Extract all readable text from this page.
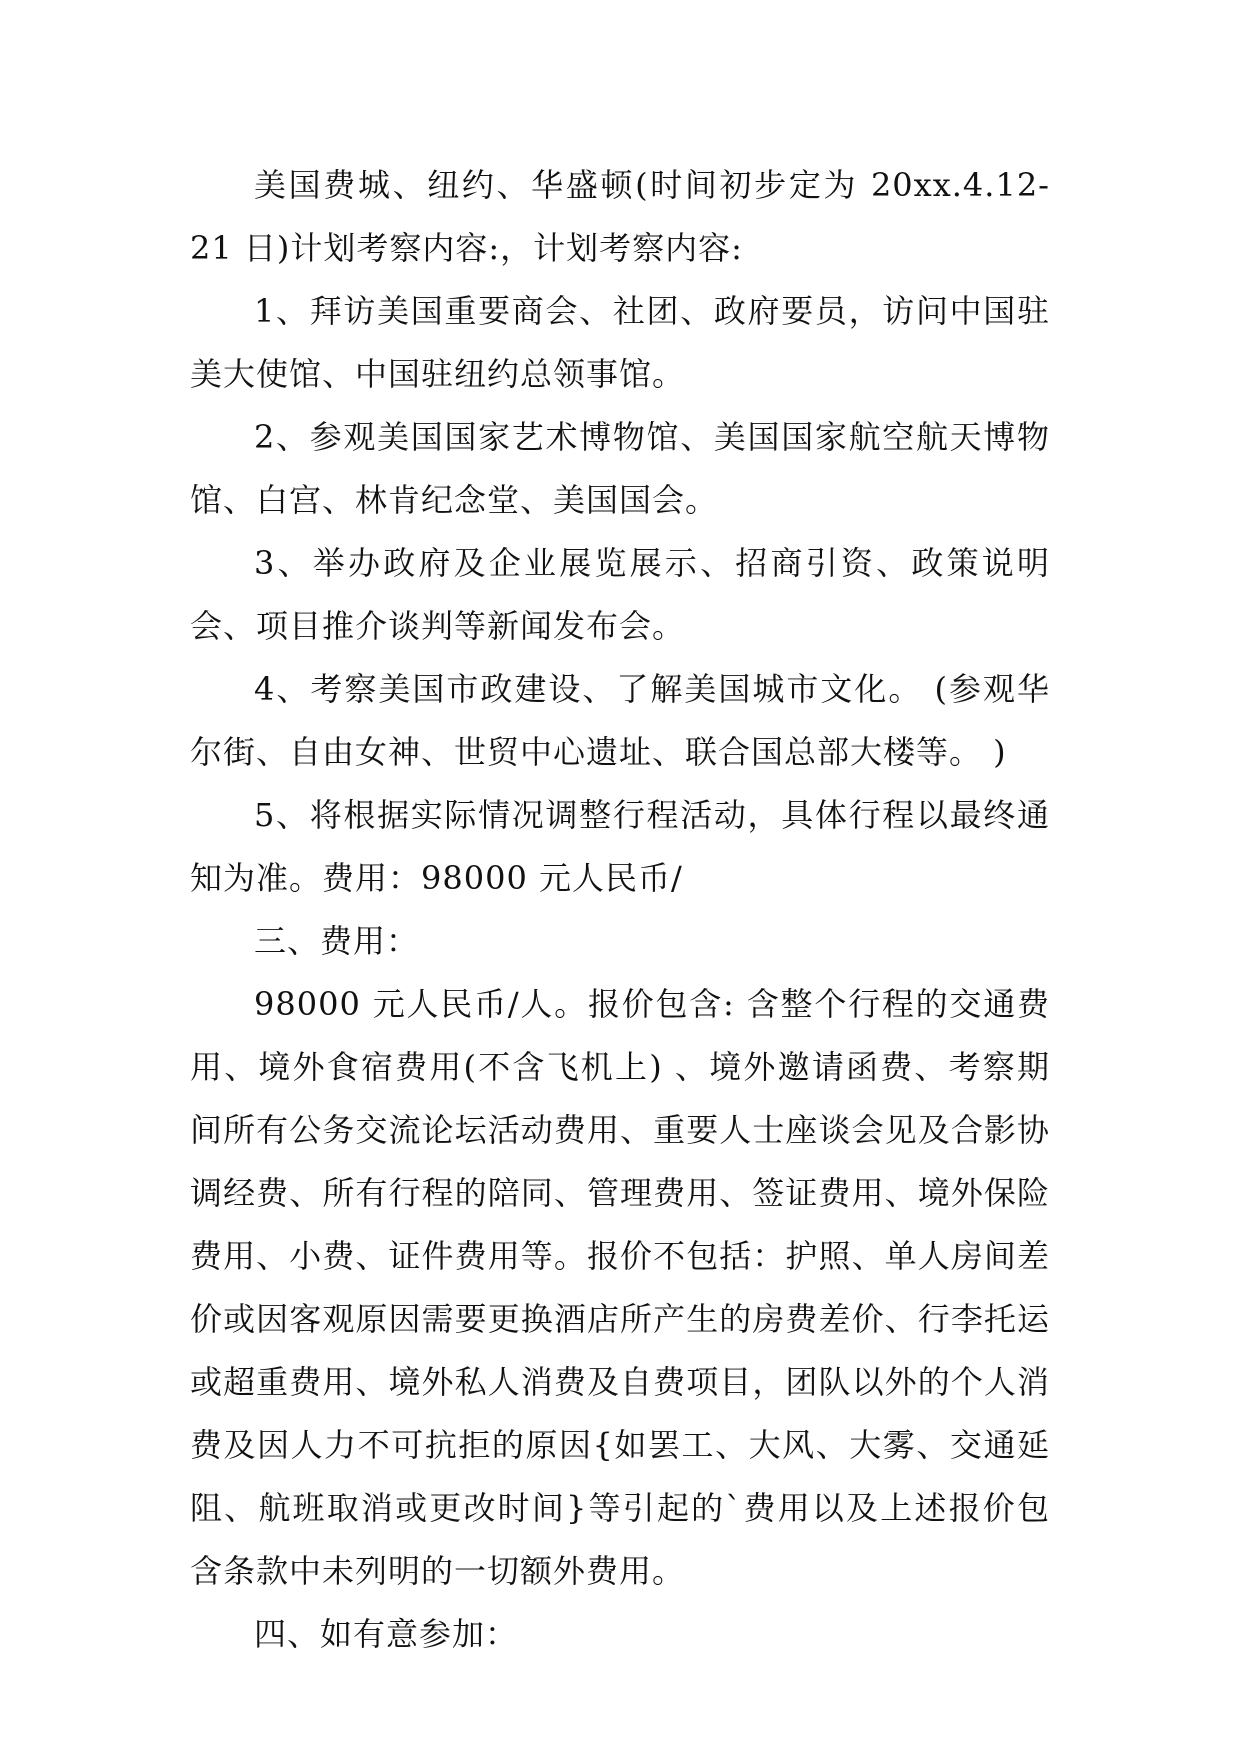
美国费城、纽约、华盛顿(时间初步定为 20xx.4.12-21 日)计划考察内容:，计划考察内容:

1、拜访美国重要商会、社团、政府要员，访问中国驻美大使馆、中国驻纽约总领事馆。

2、参观美国国家艺术博物馆、美国国家航空航天博物馆、白宫、林肯纪念堂、美国国会。

3、举办政府及企业展览展示、招商引资、政策说明会、项目推介谈判等新闻发布会。

4、考察美国市政建设、了解美国城市文化。 (参观华尔街、自由女神、世贸中心遗址、联合国总部大楼等。 )

5、将根据实际情况调整行程活动，具体行程以最终通知为准。费用：98000 元人民币/

三、费用：

98000 元人民币/人。报价包含: 含整个行程的交通费用、境外食宿费用(不含飞机上) 、境外邀请函费、考察期间所有公务交流论坛活动费用、重要人士座谈会见及合影协调经费、所有行程的陪同、管理费用、签证费用、境外保险费用、小费、证件费用等。报价不包括：护照、单人房间差价或因客观原因需要更换酒店所产生的房费差价、行李托运或超重费用、境外私人消费及自费项目，团队以外的个人消费及因人力不可抗拒的原因{如罢工、大风、大雾、交通延阻、航班取消或更改时间}等引起的`费用以及上述报价包含条款中未列明的一切额外费用。

四、如有意参加：
